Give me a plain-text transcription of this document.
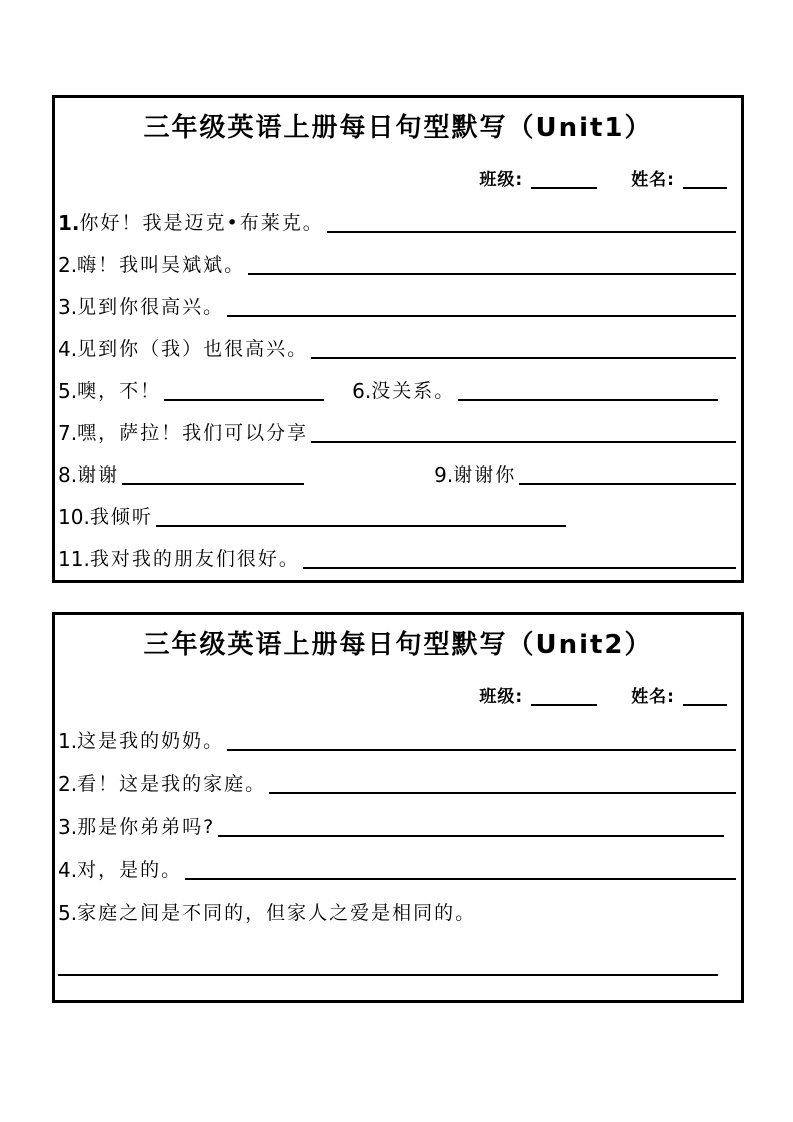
三年级英语上册每日句型默写（Unit1）
班级:	姓名:
1. 你好！我是迈克•布莱克。
2. 嗨！我叫吴斌斌。
3. 见到你很高兴。
4. 见到你（我）也很高兴。
5. 噢，不！	6. 没关系。
7. 嘿，萨拉！我们可以分享
8. 谢谢	9. 谢谢你
10. 我倾听
11. 我对我的朋友们很好。
三年级英语上册每日句型默写（Unit2）
班级:	姓名:
1. 这是我的奶奶。
2. 看！这是我的家庭。
3. 那是你弟弟吗?
4. 对，是的。
5. 家庭之间是不同的，但家人之爱是相同的。
